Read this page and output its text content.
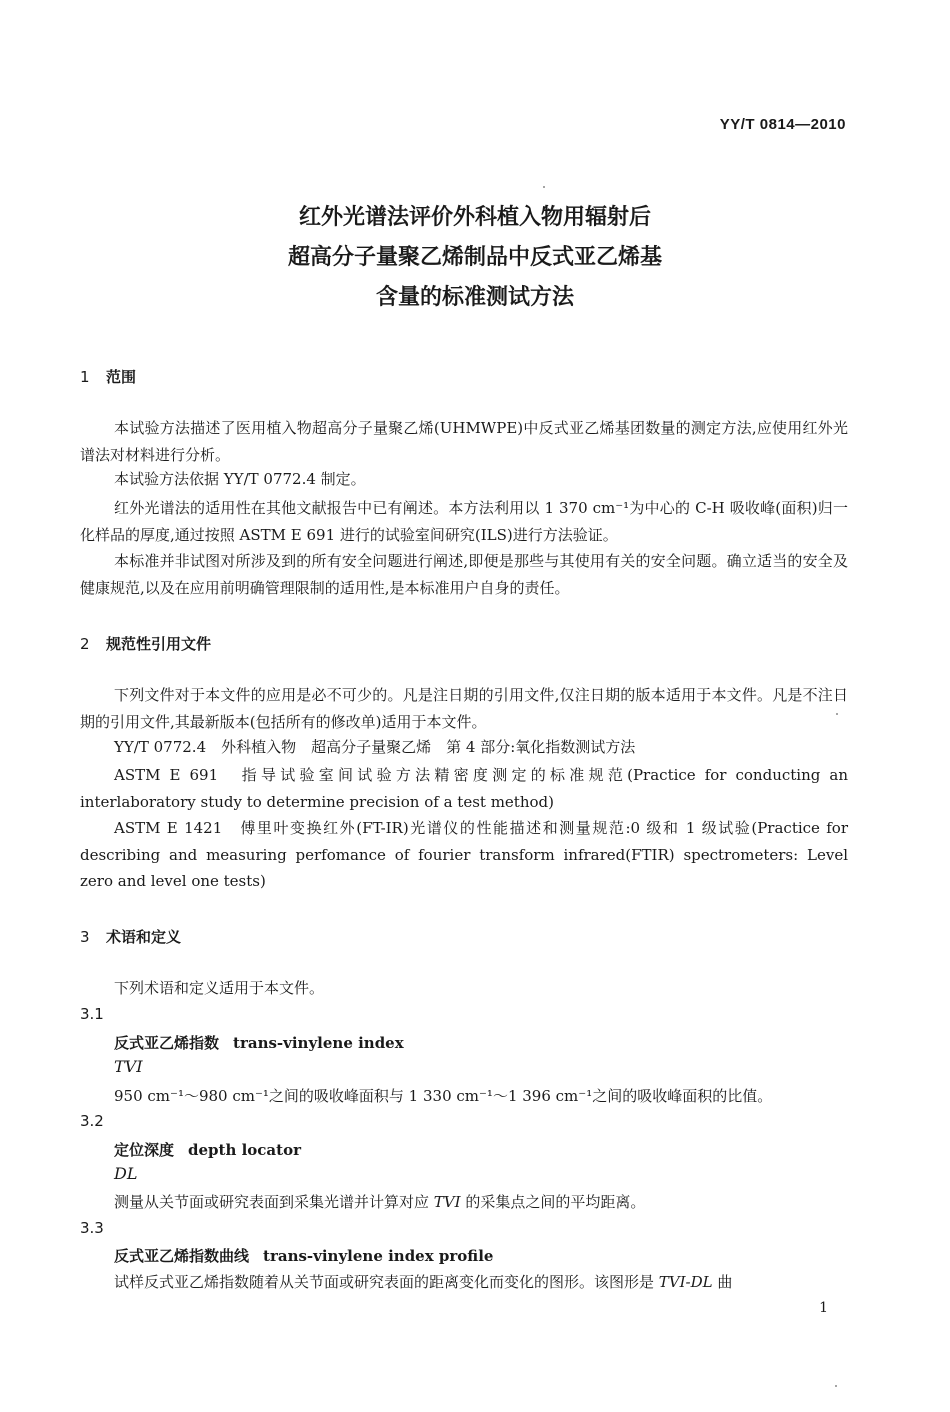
YY/T 0814—2010
红外光谱法评价外科植入物用辐射后
超高分子量聚乙烯制品中反式亚乙烯基
含量的标准测试方法
1 范围
本试验方法描述了医用植入物超高分子量聚乙烯(UHMWPE)中反式亚乙烯基团数量的测定方法,应使用红外光谱法对材料进行分析。
本试验方法依据 YY/T 0772.4 制定。
红外光谱法的适用性在其他文献报告中已有阐述。本方法利用以 1 370 cm⁻¹为中心的 C-H 吸收峰(面积)归一化样品的厚度,通过按照 ASTM E 691 进行的试验室间研究(ILS)进行方法验证。
本标准并非试图对所涉及到的所有安全问题进行阐述,即便是那些与其使用有关的安全问题。确立适当的安全及健康规范,以及在应用前明确管理限制的适用性,是本标准用户自身的责任。
2 规范性引用文件
下列文件对于本文件的应用是必不可少的。凡是注日期的引用文件,仅注日期的版本适用于本文件。凡是不注日期的引用文件,其最新版本(包括所有的修改单)适用于本文件。
YY/T 0772.4　外科植入物　超高分子量聚乙烯　第 4 部分:氧化指数测试方法
ASTM E 691　指导试验室间试验方法精密度测定的标准规范(Practice for conducting an interlaboratory study to determine precision of a test method)
ASTM E 1421　傅里叶变换红外(FT-IR)光谱仪的性能描述和测量规范:0 级和 1 级试验(Practice for describing and measuring perfomance of fourier transform infrared(FTIR) spectrometers: Level zero and level one tests)
3 术语和定义
下列术语和定义适用于本文件。
3.1
反式亚乙烯指数 trans-vinylene index
TVI
950 cm⁻¹～980 cm⁻¹之间的吸收峰面积与 1 330 cm⁻¹～1 396 cm⁻¹之间的吸收峰面积的比值。
3.2
定位深度 depth locator
DL
测量从关节面或研究表面到采集光谱并计算对应 TVI 的采集点之间的平均距离。
3.3
反式亚乙烯指数曲线 trans-vinylene index profile
试样反式亚乙烯指数随着从关节面或研究表面的距离变化而变化的图形。该图形是 TVI-DL 曲
1
